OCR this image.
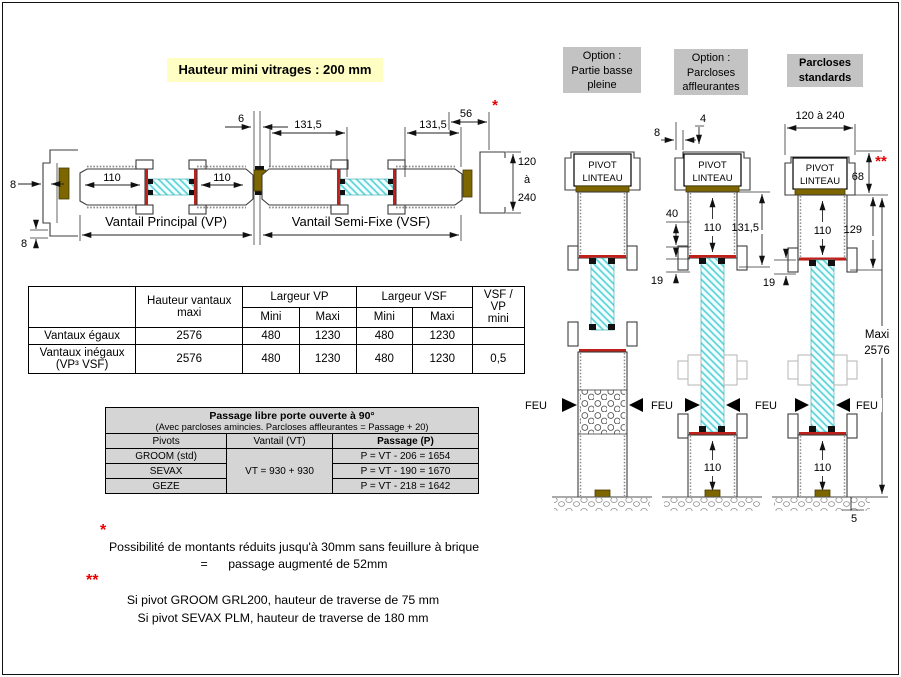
Hauteur mini vitrages : 200 mm
8
8
110	110
6	56 *
120
à
240
131,5	131,5
Vantail Principal (VP)	Vantail Semi-Fixe (VSF)
	Hauteur vantaux maxi	Largeur VP		Largeur VSF		VSF / VP
mini
		Mini	Maxi	Mini	Maxi	
Vantaux égaux	2576	480	1230	480	1230	
Vantaux inégaux
(VP³ VSF)	2576	480	1230	480	1230	0,5
Passage libre porte ouverte à 90°
(Avec parcloses amincies. Parcloses affleurantes = Passage + 20)		

Pivots	Vantail (VT)	Passage (P)
GROOM (std)	VT = 930 + 930	P = VT - 206 = 1654
SEVAX		P = VT - 190 = 1670
GEZE		P = VT - 218 = 1642
*
Possibilité de montants réduits jusqu'à 30mm sans feuillure à brique
=      passage augmenté de 52mm
**
Si pivot GROOM GRL200, hauteur de traverse de 75 mm
Si pivot SEVAX PLM, hauteur de traverse de 180 mm
Option :
Partie basse
pleine
Option :
Parcloses
affleurantes
Parcloses
standards
PIVOT
LINTEAU
PIVOT
LINTEAU
110
110
8
4
40
19
131,5
120 à 240
PIVOT
LINTEAU
110
110
19
68
**
129
5
Maxi
2576
FEU	FEU	FEU	FEU
